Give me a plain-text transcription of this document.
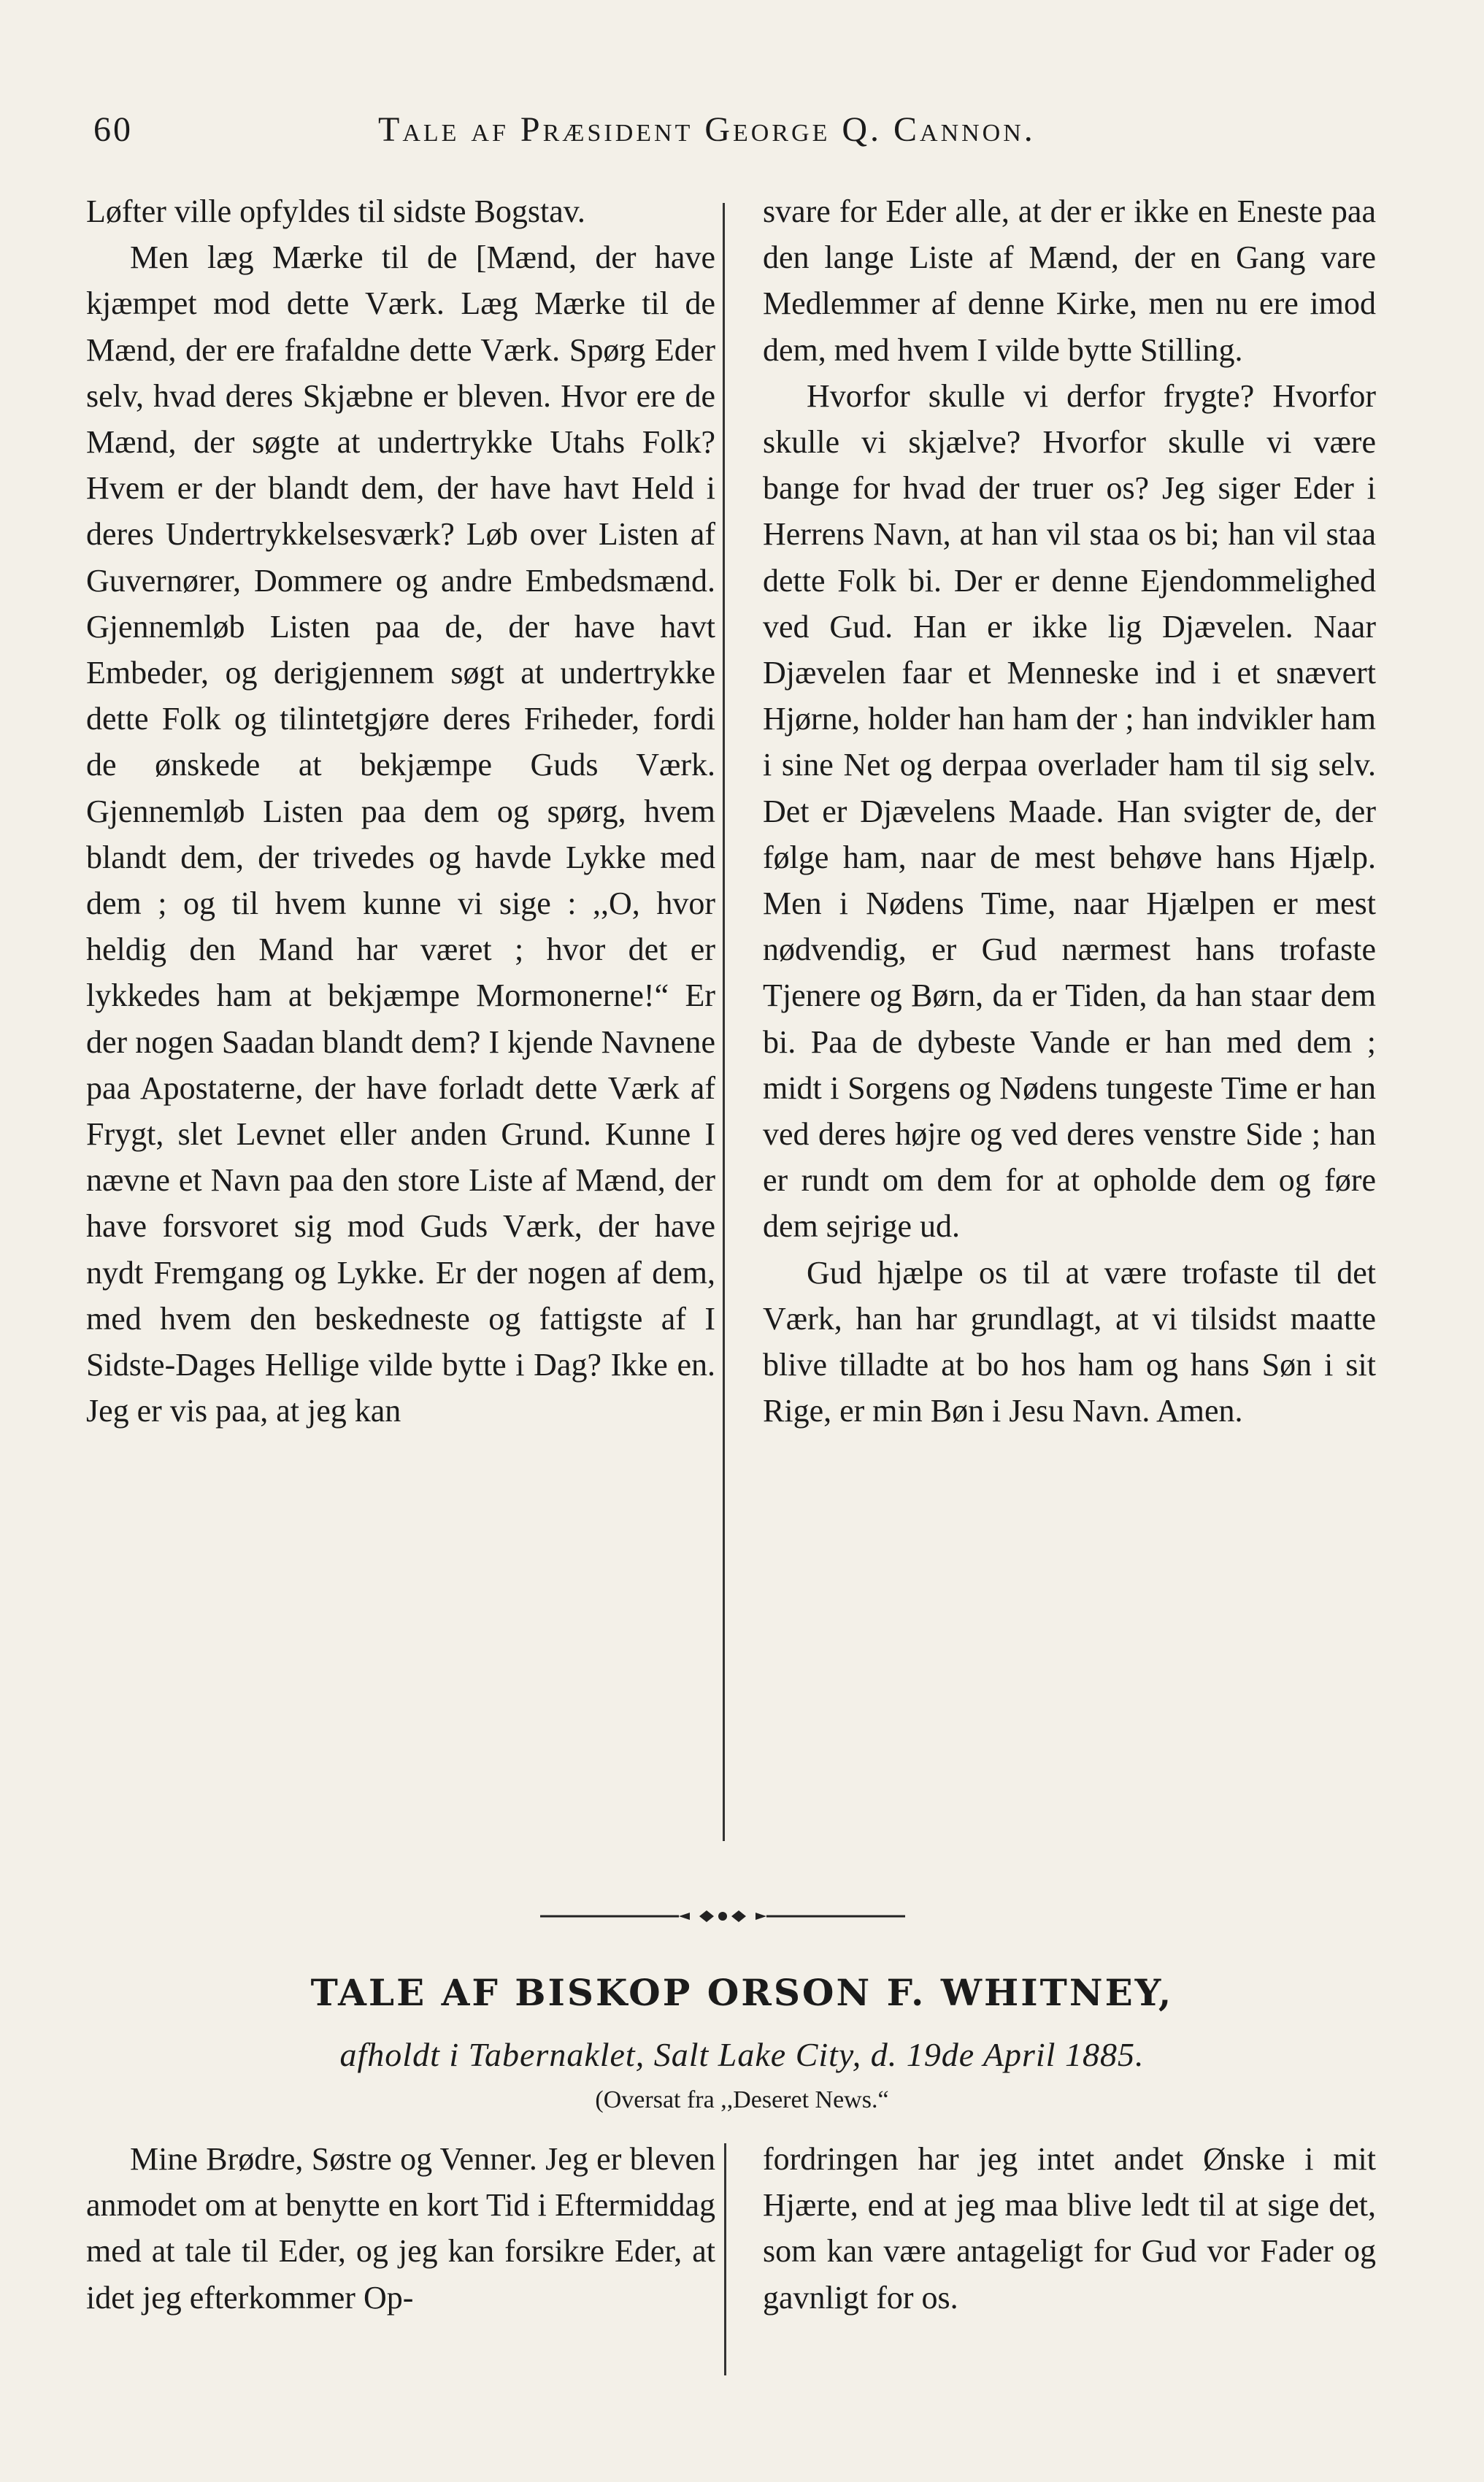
60	Tale af Præsident George Q. Cannon.

Løfter ville opfyldes til sidste Bogstav.

Men læg Mærke til de [Mænd, der have kjæmpet mod dette Værk. Læg Mærke til de Mænd, der ere frafaldne dette Værk. Spørg Eder selv, hvad deres Skjæbne er bleven. Hvor ere de Mænd, der søgte at undertrykke Utahs Folk? Hvem er der blandt dem, der have havt Held i deres Undertrykkelsesværk? Løb over Listen af Guvernører, Dommere og andre Embedsmænd. Gjennemløb Listen paa de, der have havt Embeder, og derigjennem søgt at undertrykke dette Folk og tilintetgjøre deres Friheder, fordi de ønskede at bekjæmpe Guds Værk. Gjennemløb Listen paa dem og spørg, hvem blandt dem, der trivedes og havde Lykke med dem ; og til hvem kunne vi sige : ,,O, hvor heldig den Mand har været ; hvor det er lykkedes ham at bekjæmpe Mormonerne!“ Er der nogen Saadan blandt dem? I kjende Navnene paa Apostaterne, der have forladt dette Værk af Frygt, slet Levnet eller anden Grund. Kunne I nævne et Navn paa den store Liste af Mænd, der have forsvoret sig mod Guds Værk, der have nydt Fremgang og Lykke. Er der nogen af dem, med hvem den beskedneste og fattigste af I Sidste-Dages Hellige vilde bytte i Dag? Ikke en. Jeg er vis paa, at jeg kan

svare for Eder alle, at der er ikke en Eneste paa den lange Liste af Mænd, der en Gang vare Medlemmer af denne Kirke, men nu ere imod dem, med hvem I vilde bytte Stilling.

Hvorfor skulle vi derfor frygte? Hvorfor skulle vi skjælve? Hvorfor skulle vi være bange for hvad der truer os? Jeg siger Eder i Herrens Navn, at han vil staa os bi; han vil staa dette Folk bi. Der er denne Ejendommelighed ved Gud. Han er ikke lig Djævelen. Naar Djævelen faar et Menneske ind i et snævert Hjørne, holder han ham der ; han indvikler ham i sine Net og derpaa overlader ham til sig selv. Det er Djævelens Maade. Han svigter de, der følge ham, naar de mest behøve hans Hjælp. Men i Nødens Time, naar Hjælpen er mest nødvendig, er Gud nærmest hans trofaste Tjenere og Børn, da er Tiden, da han staar dem bi. Paa de dybeste Vande er han med dem ; midt i Sorgens og Nødens tungeste Time er han ved deres højre og ved deres venstre Side ; han er rundt om dem for at opholde dem og føre dem sejrige ud.

Gud hjælpe os til at være trofaste til det Værk, han har grundlagt, at vi tilsidst maatte blive tilladte at bo hos ham og hans Søn i sit Rige, er min Bøn i Jesu Navn. Amen.

TALE AF BISKOP ORSON F. WHITNEY,
afholdt i Tabernaklet, Salt Lake City, d. 19de April 1885.
(Oversat fra ,,Deseret News.“

Mine Brødre, Søstre og Venner. Jeg er bleven anmodet om at benytte en kort Tid i Eftermiddag med at tale til Eder, og jeg kan forsikre Eder, at idet jeg efterkommer Op-

fordringen har jeg intet andet Ønske i mit Hjærte, end at jeg maa blive ledt til at sige det, som kan være antageligt for Gud vor Fader og gavnligt for os.
